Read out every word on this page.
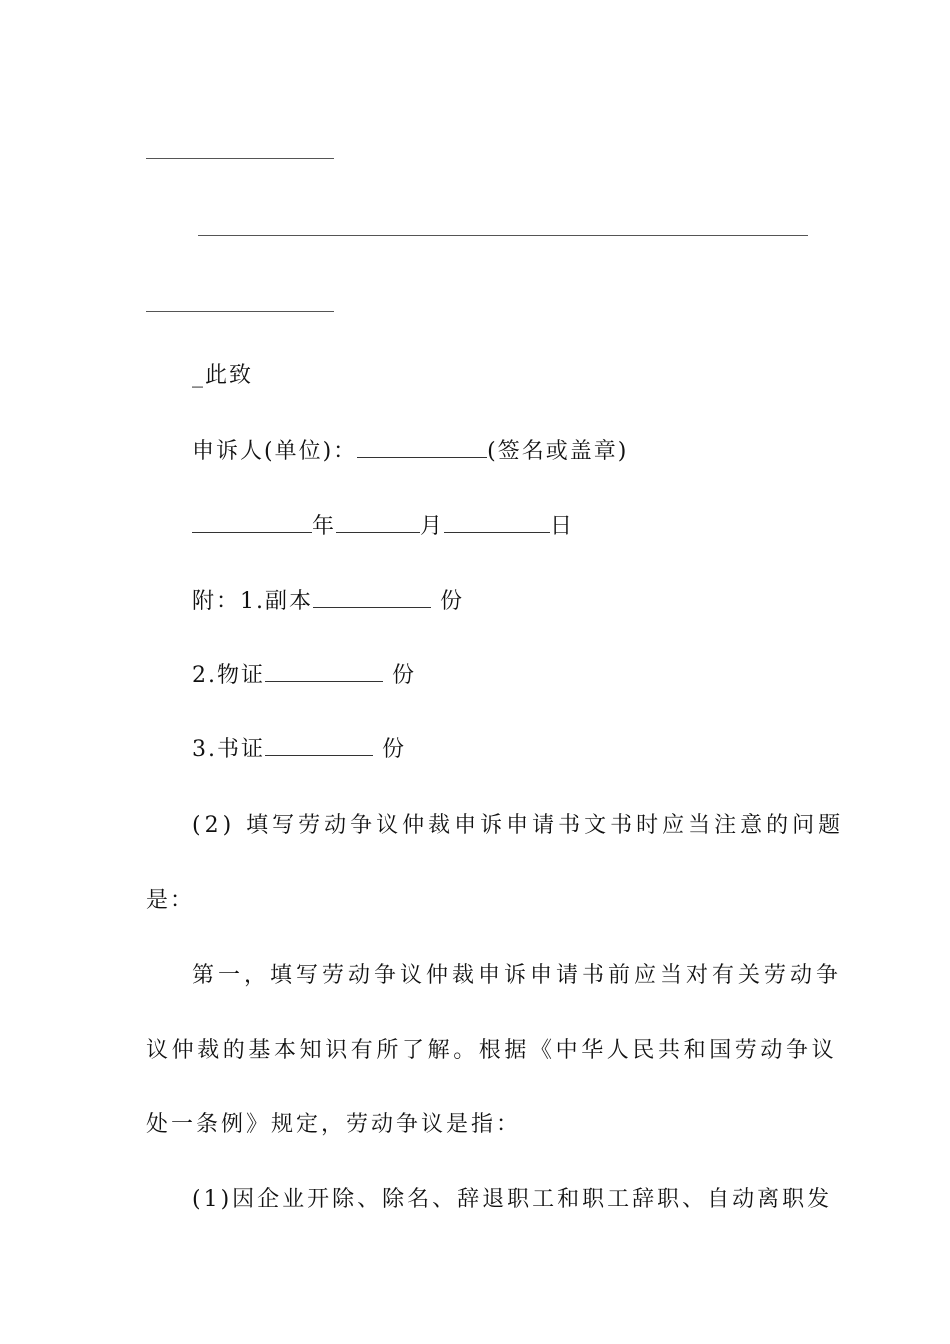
_此致
申诉人(单位)：	(签名或盖章)
年	月	日
附：1.副本	份
2.物证	份
3.书证	份
(2) 填写劳动争议仲裁申诉申请书文书时应当注意的问题
是：
第一，填写劳动争议仲裁申诉申请书前应当对有关劳动争
议仲裁的基本知识有所了解。根据《中华人民共和国劳动争议
处一条例》规定，劳动争议是指：
(1)因企业开除、除名、辞退职工和职工辞职、自动离职发
